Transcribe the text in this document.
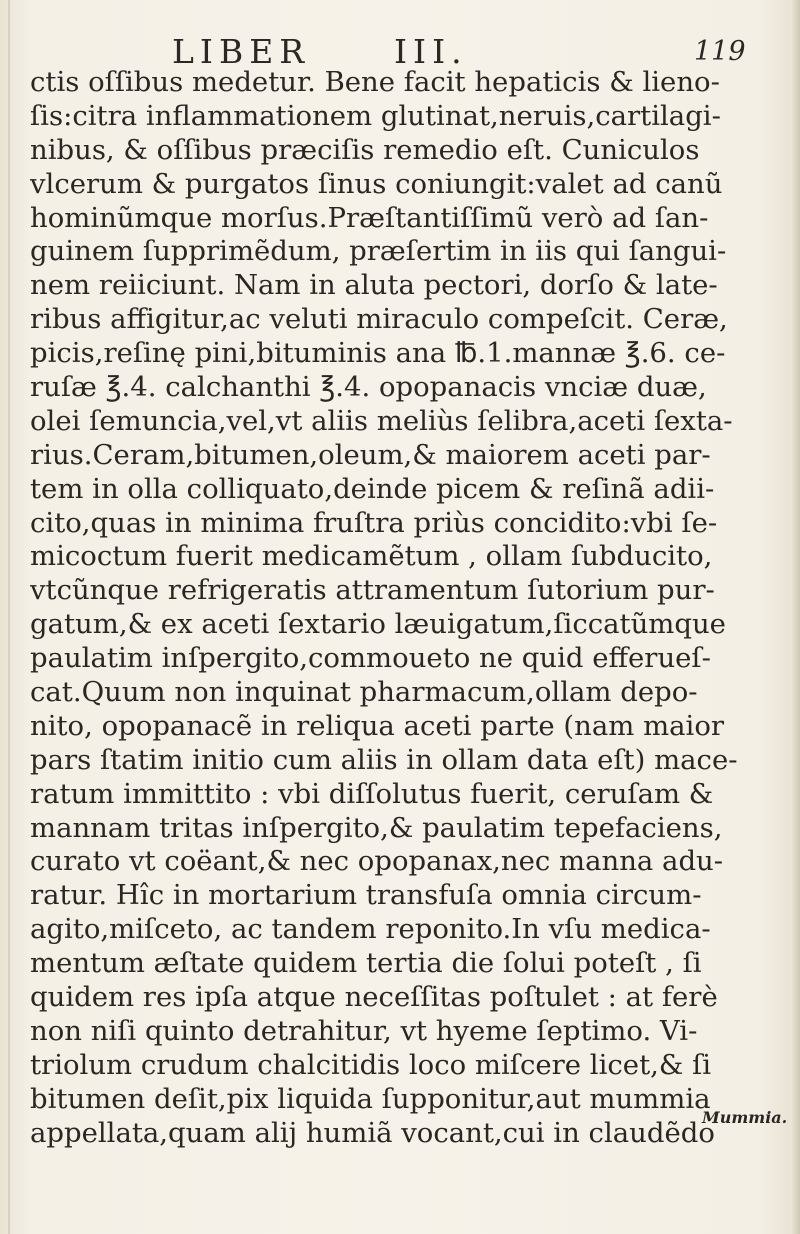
LIBER	III.	119
ctis oſſibus medetur. Bene facit hepaticis & lieno-
ſis:citra inflammationem glutinat,neruis,cartilagi-
nibus, & oſſibus præciſis remedio eſt. Cuniculos
vlcerum & purgatos ſinus coniungit:valet ad canũ
hominũmque morſus.Præſtantiſſimũ verò ad ſan-
guinem ſupprimẽdum, præſertim in iis qui ſangui-
nem reiiciunt. Nam in aluta pectori, dorſo & late-
ribus affigitur,ac veluti miraculo compeſcit. Ceræ,
picis,reſinę pini,bituminis ana ℔.1.mannæ ℥.6. ce-
ruſæ ℥.4. calchanthi ℥.4. opopanacis vnciæ duæ,
olei ſemuncia,vel,vt aliis meliùs ſelibra,aceti ſexta-
rius.Ceram,bitumen,oleum,& maiorem aceti par-
tem in olla colliquato,deinde picem & reſinã adii-
cito,quas in minima fruſtra priùs concidito:vbi ſe-
micoctum fuerit medicamẽtum , ollam ſubducito,
vtcũnque refrigeratis attramentum ſutorium pur-
gatum,& ex aceti ſextario læuigatum,ſiccatũmque
paulatim inſpergito,commoueto ne quid efferueſ-
cat.Quum non inquinat pharmacum,ollam depo-
nito, opopanacẽ in reliqua aceti parte (nam maior
pars ſtatim initio cum aliis in ollam data eſt) mace-
ratum immittito : vbi diſſolutus fuerit, ceruſam &
mannam tritas inſpergito,& paulatim tepefaciens,
curato vt coëant,& nec opopanax,nec manna adu-
ratur. Hîc in mortarium transfuſa omnia circum-
agito,miſceto, ac tandem reponito.In vſu medica-
mentum æſtate quidem tertia die ſolui poteſt , ſi
quidem res ipſa atque neceſſitas poſtulet : at ferè
non niſi quinto detrahitur, vt hyeme ſeptimo. Vi-
triolum crudum chalcitidis loco miſcere licet,& ſi
bitumen deſit,pix liquida ſupponitur,aut mummia
appellata,quam alij humiã vocant,cui in claudẽdo
Mummia.
